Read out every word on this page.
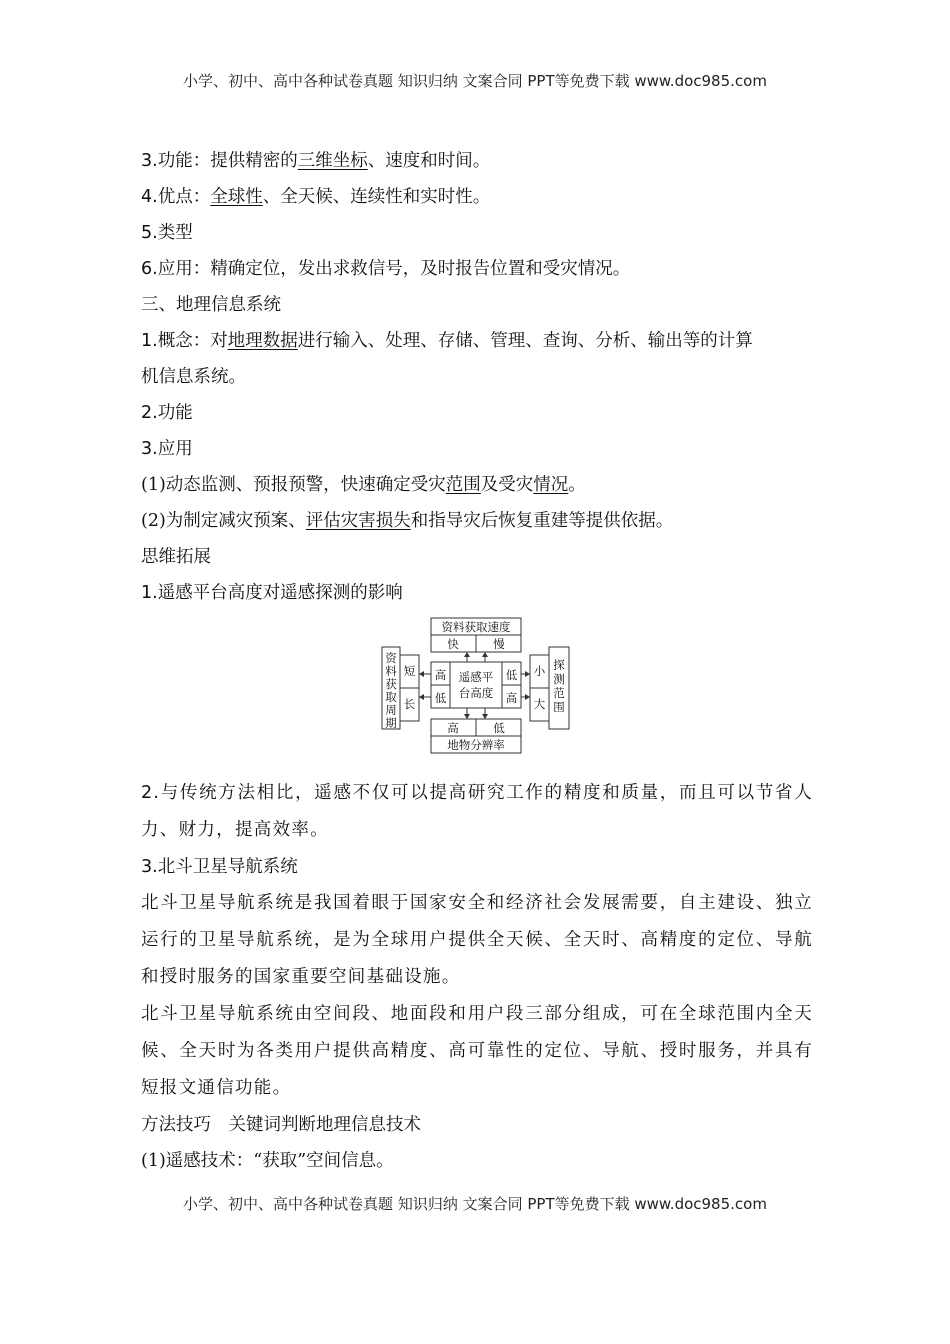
小学、初中、高中各种试卷真题 知识归纳 文案合同 PPT等免费下载 www.doc985.com
3.功能：提供精密的三维坐标、速度和时间。
4.优点：全球性、全天候、连续性和实时性。
5.类型
6.应用：精确定位，发出求救信号，及时报告位置和受灾情况。
三、地理信息系统
1.概念：对地理数据进行输入、处理、存储、管理、查询、分析、输出等的计算
机信息系统。
2.功能
3.应用
(1)动态监测、预报预警，快速确定受灾范围及受灾情况。
(2)为制定减灾预案、评估灾害损失和指导灾后恢复重建等提供依据。
思维拓展
1.遥感平台高度对遥感探测的影响
资料获取速度
快	慢
遥感平
台高度
高
低
低
高
资
料
获
取
周
期
短
长
小
大
探
测
范
围
高	低
地物分辨率
2.与传统方法相比，遥感不仅可以提高研究工作的精度和质量，而且可以节省人力、财力，提高效率。
3.北斗卫星导航系统
北斗卫星导航系统是我国着眼于国家安全和经济社会发展需要，自主建设、独立运行的卫星导航系统，是为全球用户提供全天候、全天时、高精度的定位、导航和授时服务的国家重要空间基础设施。
北斗卫星导航系统由空间段、地面段和用户段三部分组成，可在全球范围内全天候、全天时为各类用户提供高精度、高可靠性的定位、导航、授时服务，并具有短报文通信功能。
方法技巧　关键词判断地理信息技术
(1)遥感技术：“获取”空间信息。
小学、初中、高中各种试卷真题 知识归纳 文案合同 PPT等免费下载 www.doc985.com
